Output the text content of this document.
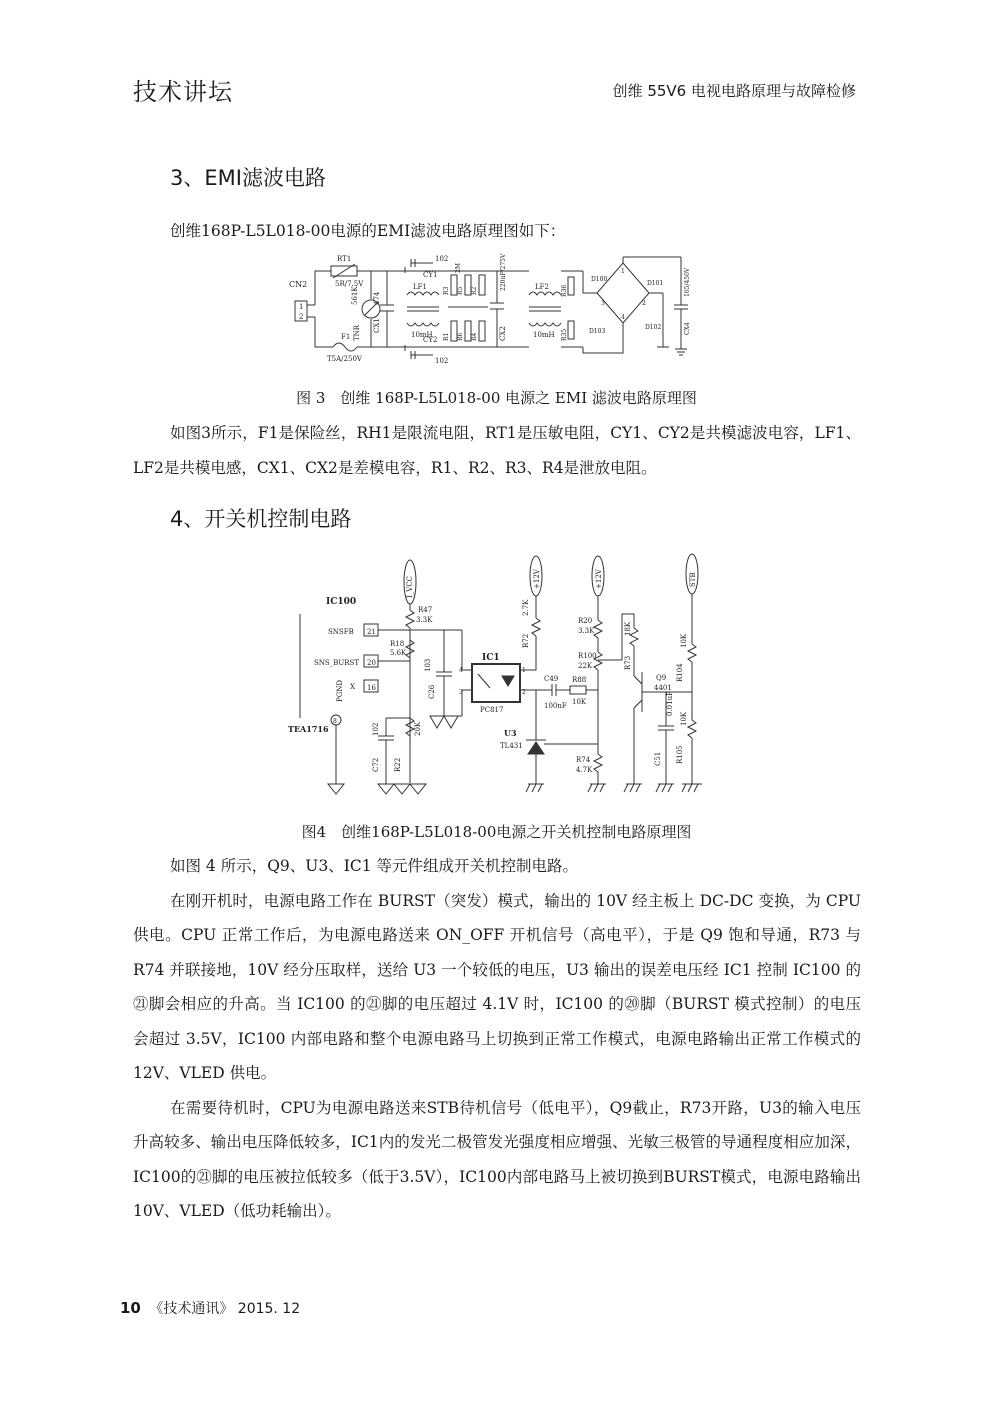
技术讲坛	创维 55V6 电视电路原理与故障检修
3、EMI滤波电路

创维168P-L5L018-00电源的EMI滤波电路原理图如下：

CN2
1
2
RT1
5R/7.5V
F1
T5A/250V
561K
TNR
474
CX1
CY1
102
CY2
102
LF1
10mH
R3 R5 R2
R1 R6 R4
2M	220nF/275V
CX2
LF2
10mH
R36
R35
D100
D101
D102
D103
1
2
3
4
105/450V
CX4
图 3　创维 168P-L5L018-00 电源之 EMI 滤波电路原理图

如图3所示，F1是保险丝，RH1是限流电阻，RT1是压敏电阻，CY1、CY2是共模滤波电容，LF1、LF2是共模电感，CX1、CX2是差模电容，R1、R2、R3、R4是泄放电阻。

4、开关机控制电路
IC100
TEA1716
SNSFB
SNS_BURST
X
PGND
21
20
16
8
I_VCC
R47
3.3K
R18
5.6K
103
C26
102
C72
20K
R22
IC1
4
3
1
2
PC817
+12V
2.7K
R72
C49
100nF
R88
10K
U3
TL431
+12V
R20
3.3K
R100
22K
R74
4.7K
18K
R73
Q9
4401
0.01uF
C51
STB
10K
R104
10K
R105
图4　创维168P-L5L018-00电源之开关机控制电路原理图

如图 4 所示，Q9、U3、IC1 等元件组成开关机控制电路。

在刚开机时，电源电路工作在 BURST（突发）模式，输出的 10V 经主板上 DC-DC 变换，为 CPU 供电。CPU 正常工作后，为电源电路送来 ON_OFF 开机信号（高电平），于是 Q9 饱和导通，R73 与 R74 并联接地，10V 经分压取样，送给 U3 一个较低的电压，U3 输出的误差电压经 IC1 控制 IC100 的㉑脚会相应的升高。当 IC100 的㉑脚的电压超过 4.1V 时，IC100 的⑳脚（BURST 模式控制）的电压会超过 3.5V，IC100 内部电路和整个电源电路马上切换到正常工作模式，电源电路输出正常工作模式的 12V、VLED 供电。

在需要待机时，CPU为电源电路送来STB待机信号（低电平），Q9截止，R73开路，U3的输入电压升高较多、输出电压降低较多，IC1内的发光二极管发光强度相应增强、光敏三极管的导通程度相应加深，IC100的㉑脚的电压被拉低较多（低于3.5V），IC100内部电路马上被切换到BURST模式，电源电路输出10V、VLED（低功耗输出）。

10 《技术通讯》 2015. 12
